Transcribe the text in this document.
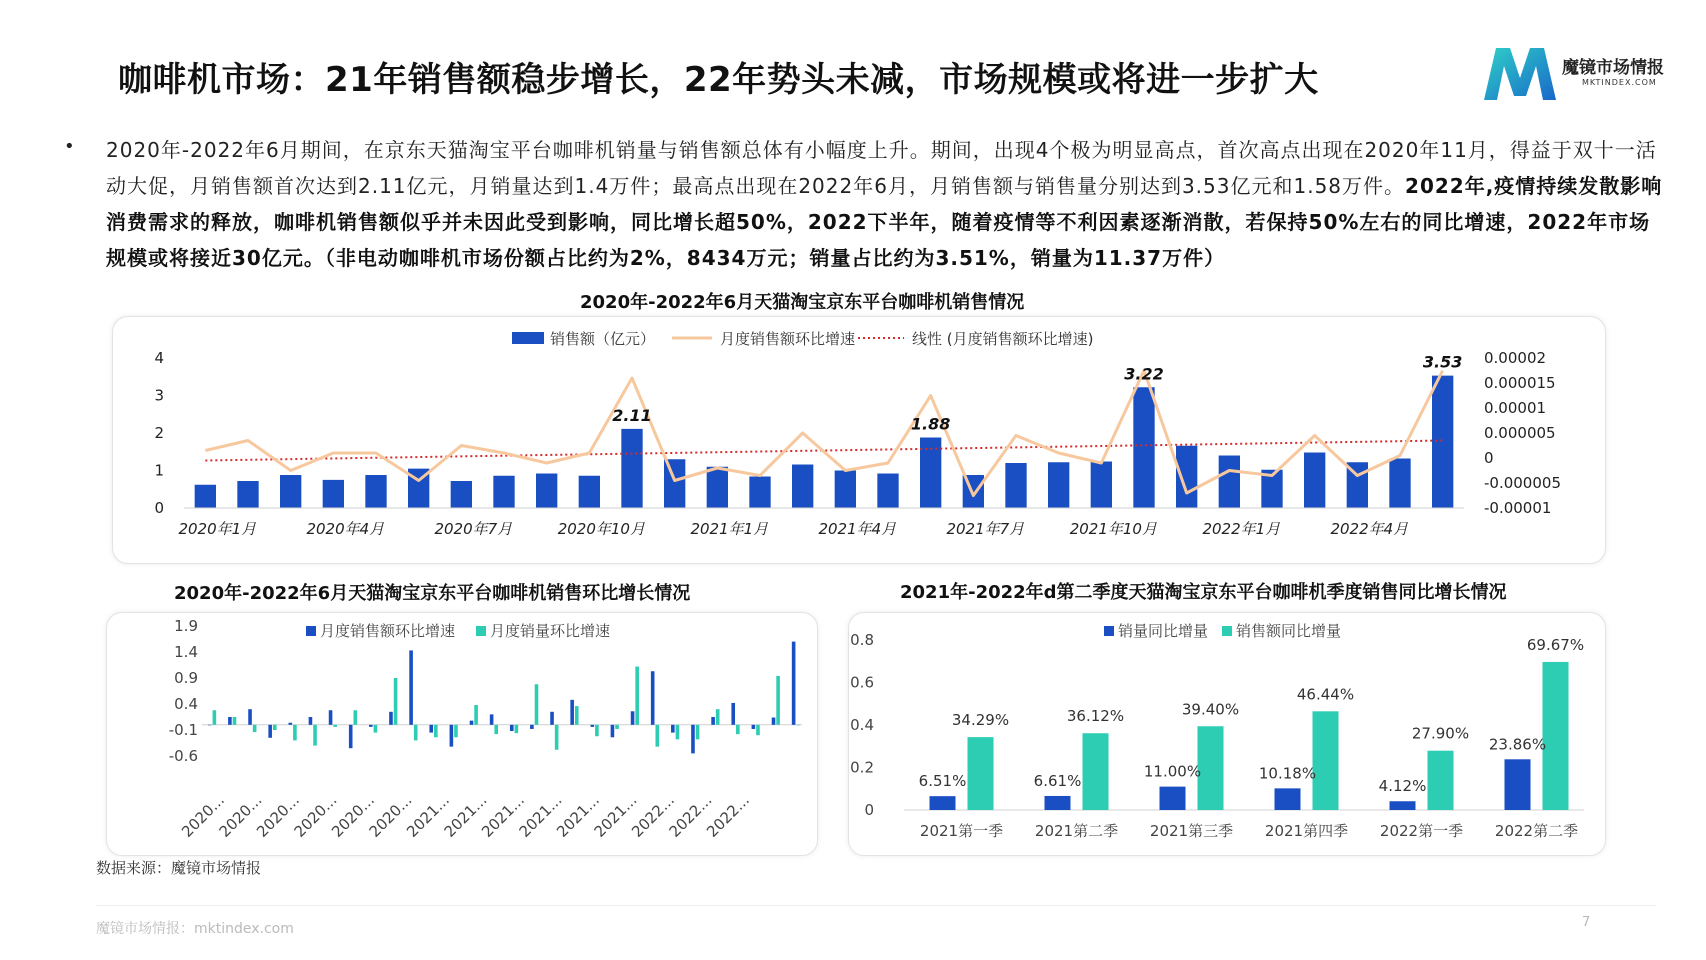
咖啡机市场：21年销售额稳步增长，22年势头未减，市场规模或将进一步扩大	魔镜市场情报
MKTINDEX.COM
• 2020年-2022年6月期间，在京东天猫淘宝平台咖啡机销量与销售额总体有小幅度上升。期间，出现4个极为明显高点，首次高点出现在2020年11月，得益于双十一活动大促，月销售额首次达到2.11亿元，月销量达到1.4万件；最高点出现在2022年6月，月销售额与销售量分别达到3.53亿元和1.58万件。2022年,疫情持续发散影响消费需求的释放，咖啡机销售额似乎并未因此受到影响，同比增长超50%，2022下半年，随着疫情等不利因素逐渐消散，若保持50%左右的同比增速，2022年市场规模或将接近30亿元。（非电动咖啡机市场份额占比约为2%，8434万元；销量占比约为3.51%，销量为11.37万件）
2020年-2022年6月天猫淘宝京东平台咖啡机销售情况
销售额（亿元）	月度销售额环比增速	线性 (月度销售额环比增速)
0
1
2
3
4
-0.00001
-0.000005
0
0.000005
0.00001
0.000015
0.00002
2.11	1.88
3.22
3.53
2020年1月	2020年4月	2020年7月	2020年10月	2021年1月	2021年4月	2021年7月	2021年10月	2022年1月	2022年4月
2020年-2022年6月天猫淘宝京东平台咖啡机销售环比增长情况
月度销售额环比增速 月度销量环比增速
1.9
1.4
0.9
0.4
-0.1
-0.6
2020...
2020...
2020...
2020...
2020...
2020...
2021...
2021...
2021...
2021...
2021...
2021...
2022...
2022...
2022...
2021年-2022年d第二季度天猫淘宝京东平台咖啡机季度销售同比增长情况
销量同比增量 销售额同比增量
0
0.2
0.4
0.6
0.8
6.51%
34.29%
2021第一季
6.61%
36.12%
2021第二季
11.00%
39.40%
2021第三季
10.18%
46.44%
2021第四季
4.12%
27.90%
2022第一季
23.86%
69.67%
2022第二季
数据来源：魔镜市场情报
魔镜市场情报：mktindex.com	7
